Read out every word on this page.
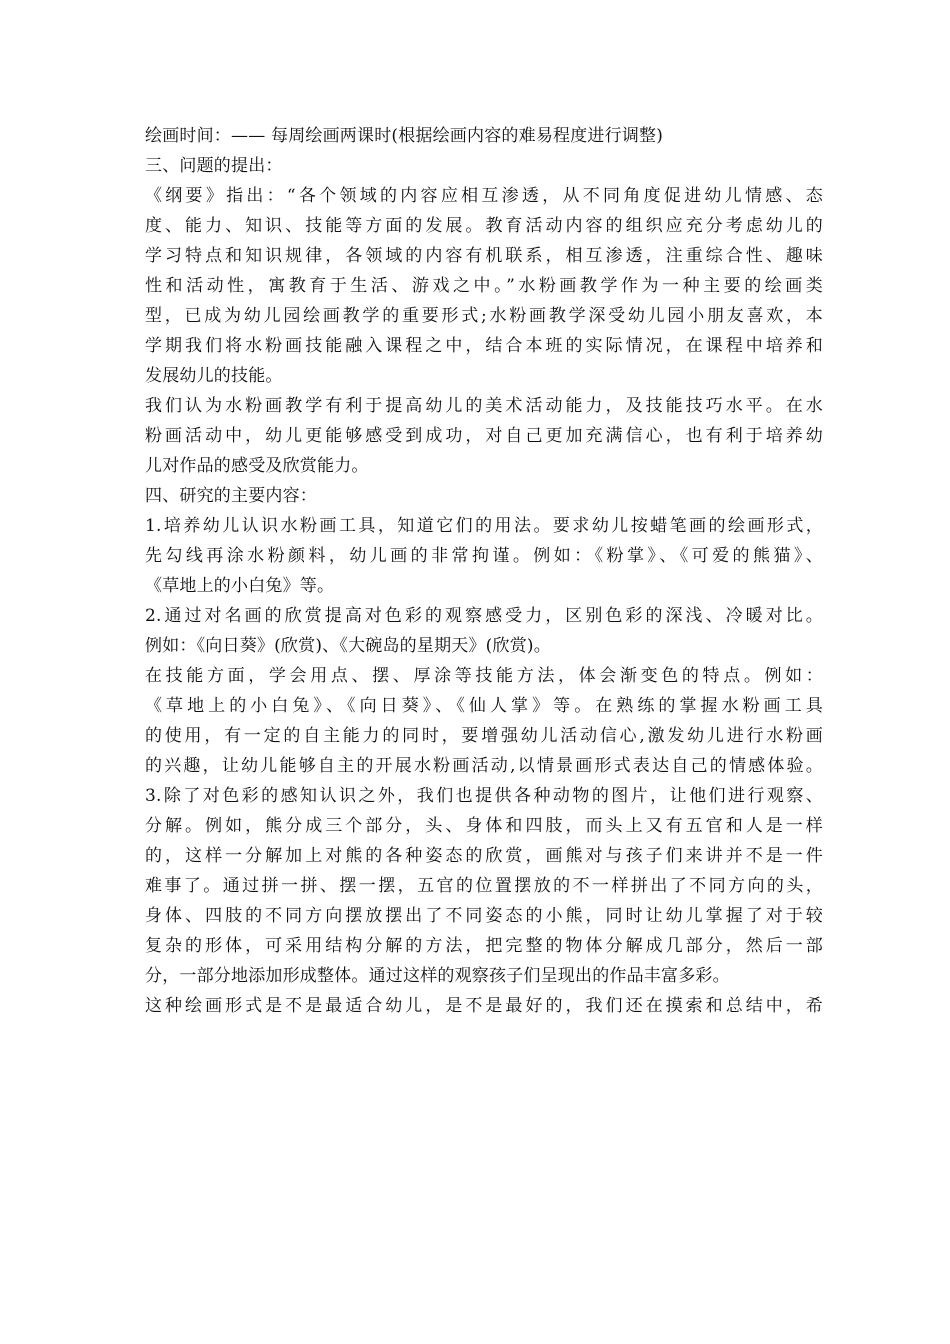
绘画时间：—— 每周绘画两课时(根据绘画内容的难易程度进行调整)
三、问题的提出：
《纲要》指出：“各个领域的内容应相互渗透，从不同角度促进幼儿情感、态
度、能力、知识、技能等方面的发展。教育活动内容的组织应充分考虑幼儿的
学习特点和知识规律，各领域的内容有机联系，相互渗透，注重综合性、趣味
性和活动性，寓教育于生活、游戏之中。”水粉画教学作为一种主要的绘画类
型，已成为幼儿园绘画教学的重要形式;水粉画教学深受幼儿园小朋友喜欢，本
学期我们将水粉画技能融入课程之中，结合本班的实际情况，在课程中培养和
发展幼儿的技能。
我们认为水粉画教学有利于提高幼儿的美术活动能力，及技能技巧水平。在水
粉画活动中，幼儿更能够感受到成功，对自己更加充满信心，也有利于培养幼
儿对作品的感受及欣赏能力。
四、研究的主要内容：
1.培养幼儿认识水粉画工具，知道它们的用法。要求幼儿按蜡笔画的绘画形式，
先勾线再涂水粉颜料，幼儿画的非常拘谨。例如：《粉掌》、《可爱的熊猫》、
《草地上的小白兔》等。
2.通过对名画的欣赏提高对色彩的观察感受力，区别色彩的深浅、冷暖对比。
例如：《向日葵》(欣赏)、《大碗岛的星期天》(欣赏)。
在技能方面，学会用点、摆、厚涂等技能方法，体会渐变色的特点。例如：
《草地上的小白兔》、《向日葵》、《仙人掌》等。在熟练的掌握水粉画工具
的使用，有一定的自主能力的同时，要增强幼儿活动信心,激发幼儿进行水粉画
的兴趣，让幼儿能够自主的开展水粉画活动,以情景画形式表达自己的情感体验。
3.除了对色彩的感知认识之外，我们也提供各种动物的图片，让他们进行观察、
分解。例如，熊分成三个部分，头、身体和四肢，而头上又有五官和人是一样
的，这样一分解加上对熊的各种姿态的欣赏，画熊对与孩子们来讲并不是一件
难事了。通过拼一拼、摆一摆，五官的位置摆放的不一样拼出了不同方向的头，
身体、四肢的不同方向摆放摆出了不同姿态的小熊，同时让幼儿掌握了对于较
复杂的形体，可采用结构分解的方法，把完整的物体分解成几部分，然后一部
分，一部分地添加形成整体。通过这样的观察孩子们呈现出的作品丰富多彩。
这种绘画形式是不是最适合幼儿，是不是最好的，我们还在摸索和总结中，希
